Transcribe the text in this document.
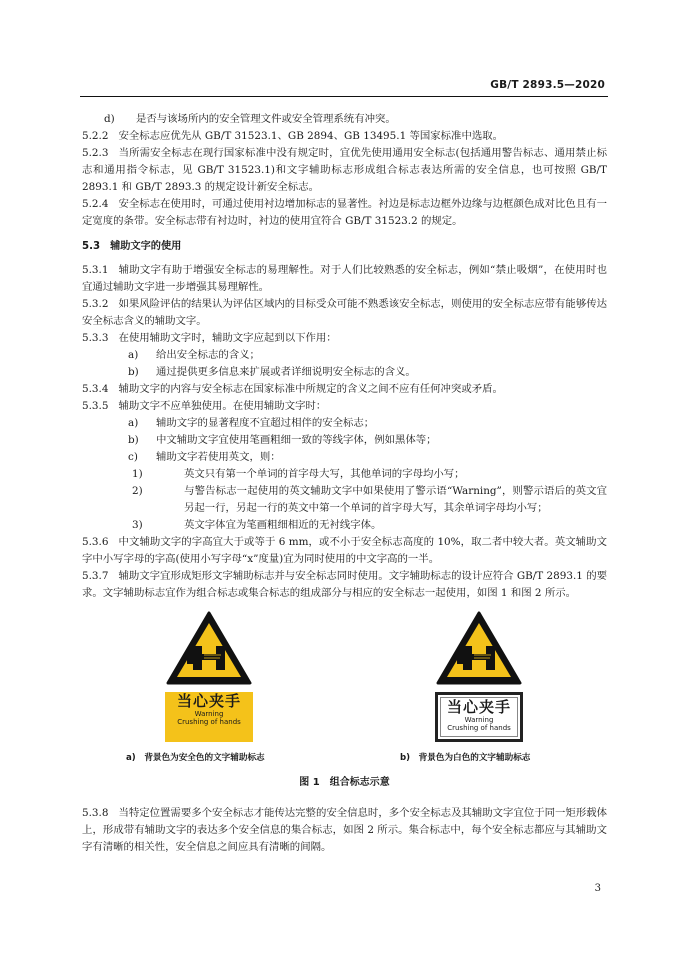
GB/T 2893.5—2020

d) 是否与该场所内的安全管理文件或安全管理系统有冲突。

5.2.2 安全标志应优先从 GB/T 31523.1、GB 2894、GB 13495.1 等国家标准中选取。

5.2.3 当所需安全标志在现行国家标准中没有规定时，宜优先使用通用安全标志(包括通用警告标志、通用禁止标志和通用指令标志，见 GB/T 31523.1)和文字辅助标志形成组合标志表达所需的安全信息，也可按照 GB/T 2893.1 和 GB/T 2893.3 的规定设计新安全标志。

5.2.4 安全标志在使用时，可通过使用衬边增加标志的显著性。衬边是标志边框外边缘与边框颜色成对比色且有一定宽度的条带。安全标志带有衬边时，衬边的使用宜符合 GB/T 31523.2 的规定。

5.3 辅助文字的使用

5.3.1 辅助文字有助于增强安全标志的易理解性。对于人们比较熟悉的安全标志，例如“禁止吸烟”，在使用时也宜通过辅助文字进一步增强其易理解性。

5.3.2 如果风险评估的结果认为评估区域内的目标受众可能不熟悉该安全标志，则使用的安全标志应带有能够传达安全标志含义的辅助文字。

5.3.3 在使用辅助文字时，辅助文字应起到以下作用：

a) 给出安全标志的含义；

b) 通过提供更多信息来扩展或者详细说明安全标志的含义。

5.3.4 辅助文字的内容与安全标志在国家标准中所规定的含义之间不应有任何冲突或矛盾。

5.3.5 辅助文字不应单独使用。在使用辅助文字时：

a) 辅助文字的显著程度不宜超过相伴的安全标志；

b) 中文辅助文字宜使用笔画粗细一致的等线字体，例如黑体等；

c) 辅助文字若使用英文，则：

1)	英文只有第一个单词的首字母大写，其他单词的字母均小写；

2)	与警告标志一起使用的英文辅助文字中如果使用了警示语“Warning”，则警示语后的英文宜另起一行，另起一行的英文中第一个单词的首字母大写，其余单词字母均小写；

3)	英文字体宜为笔画粗细相近的无衬线字体。

5.3.6 中文辅助文字的字高宜大于或等于 6 mm，或不小于安全标志高度的 10%，取二者中较大者。英文辅助文字中小写字母的字高(使用小写字母“x”度量)宜为同时使用的中文字高的一半。

5.3.7 辅助文字宜形成矩形文字辅助标志并与安全标志同时使用。文字辅助标志的设计应符合 GB/T 2893.1 的要求。文字辅助标志宜作为组合标志或集合标志的组成部分与相应的安全标志一起使用，如图 1 和图 2 所示。

当心夹手
Warning
Crushing of hands
当心夹手
Warning
Crushing of hands
a)　背景色为安全色的文字辅助标志	b)　背景色为白色的文字辅助标志
图 1　组合标志示意

5.3.8 当特定位置需要多个安全标志才能传达完整的安全信息时，多个安全标志及其辅助文字宜位于同一矩形载体上，形成带有辅助文字的表达多个安全信息的集合标志，如图 2 所示。集合标志中，每个安全标志都应与其辅助文字有清晰的相关性，安全信息之间应具有清晰的间隔。

3
